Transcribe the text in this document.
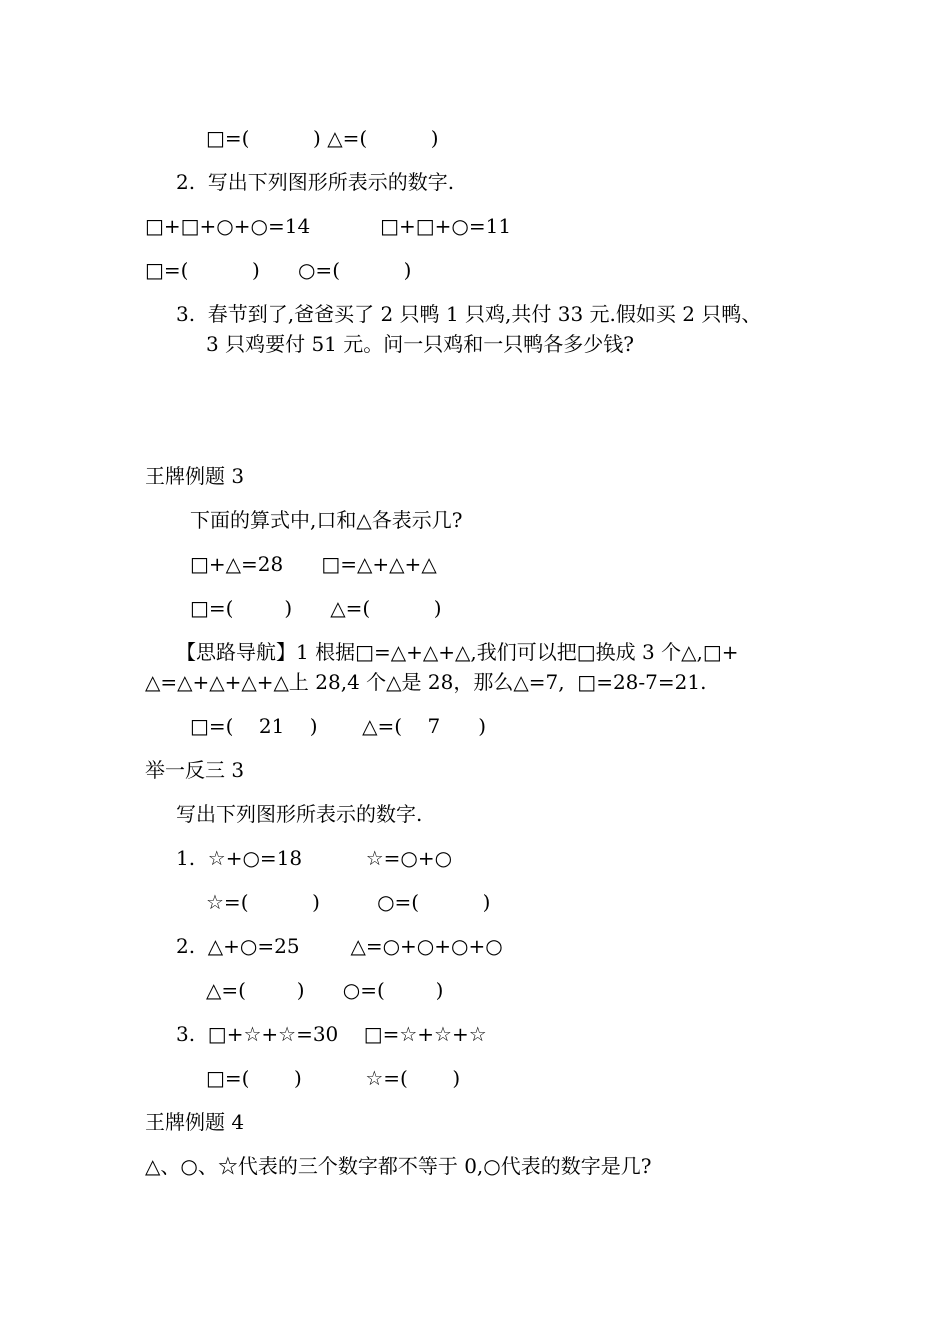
□=(          ) △=(          )
2.  写出下列图形所表示的数字.
□+□+○+○=14           □+□+○=11
□=(          )      ○=(          )
3.  春节到了,爸爸买了 2 只鸭 1 只鸡,共付 33 元.假如买 2 只鸭、
3 只鸡要付 51 元。问一只鸡和一只鸭各多少钱?
王牌例题 3
下面的算式中,口和△各表示几?
□+△=28      □=△+△+△
□=(        )      △=(          )
【思路导航】1 根据□=△+△+△,我们可以把□换成 3 个△,□+
△=△+△+△+△上 28,4 个△是 28，那么△=7,  □=28-7=21.
□=(    21    )       △=(    7      )
举一反三 3
写出下列图形所表示的数字.
1.  ☆+○=18          ☆=○+○
☆=(          )         ○=(          )
2.  △+○=25        △=○+○+○+○
△=(        )      ○=(        )
3.  □+☆+☆=30    □=☆+☆+☆
□=(       )          ☆=(       )
王牌例题 4
△、○、☆代表的三个数字都不等于 0,○代表的数字是几?
